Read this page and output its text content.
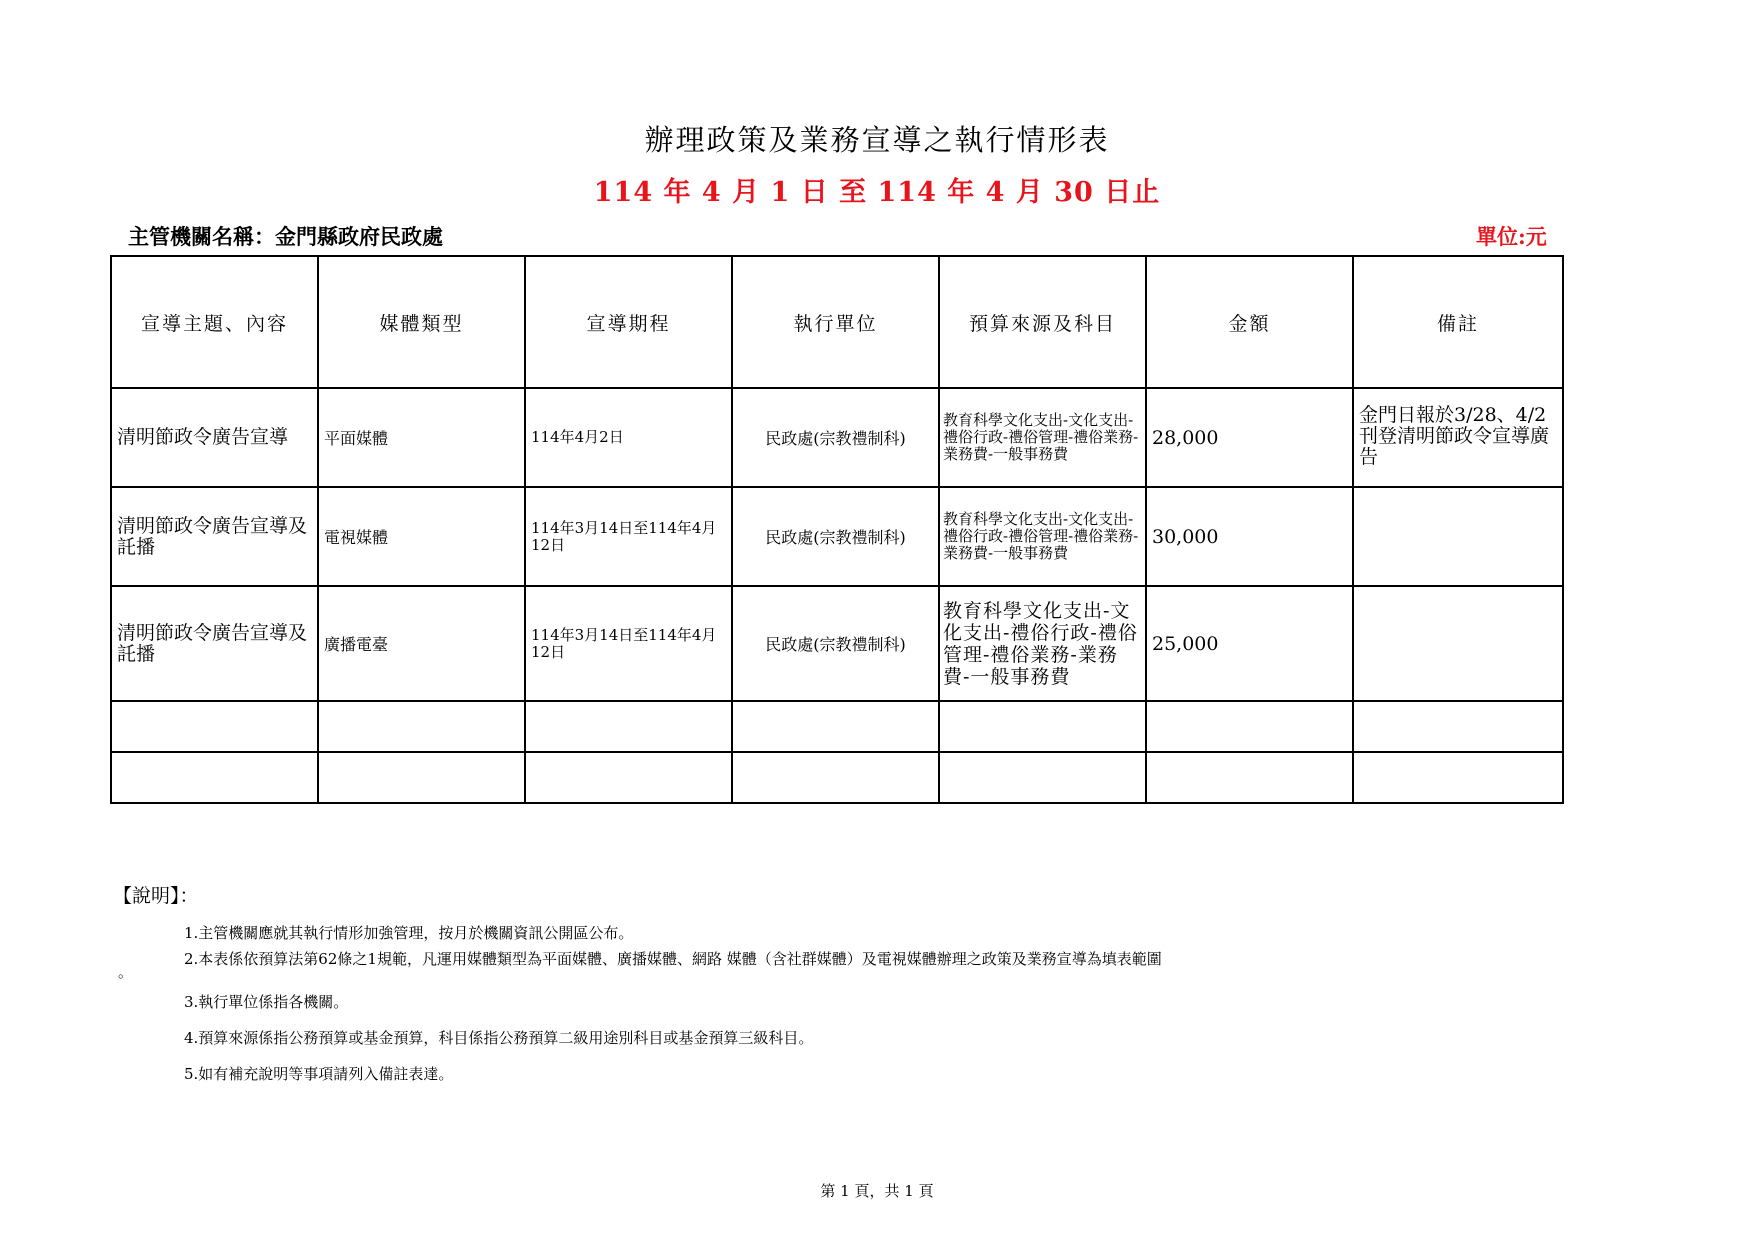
辦理政策及業務宣導之執行情形表
114 年 4 月 1 日 至 114 年 4 月 30 日止
主管機關名稱：金門縣政府民政處	單位:元
宣導主題、內容	媒體類型	宣導期程	執行單位	預算來源及科目	金額	備註
清明節政令廣告宣導	平面媒體	114年4月2日	民政處(宗教禮制科)	教育科學文化支出-文化支出-禮俗行政-禮俗管理-禮俗業務-業務費-一般事務費	28,000	金門日報於3/28、4/2刊登清明節政令宣導廣告
清明節政令廣告宣導及託播	電視媒體	114年3月14日至114年4月12日	民政處(宗教禮制科)	教育科學文化支出-文化支出-禮俗行政-禮俗管理-禮俗業務-業務費-一般事務費	30,000	
清明節政令廣告宣導及託播	廣播電臺	114年3月14日至114年4月12日	民政處(宗教禮制科)	教育科學文化支出-文化支出-禮俗行政-禮俗管理-禮俗業務-業務費-一般事務費	25,000	

【說明】：
1.主管機關應就其執行情形加強管理，按月於機關資訊公開區公布。
2.本表係依預算法第62條之1規範，凡運用媒體類型為平面媒體、廣播媒體、網路 媒體（含社群媒體）及電視媒體辦理之政策及業務宣導為填表範圍
。
3.執行單位係指各機關。
4.預算來源係指公務預算或基金預算，科目係指公務預算二級用途別科目或基金預算三級科目。
5.如有補充說明等事項請列入備註表達。
第 1 頁，共 1 頁
